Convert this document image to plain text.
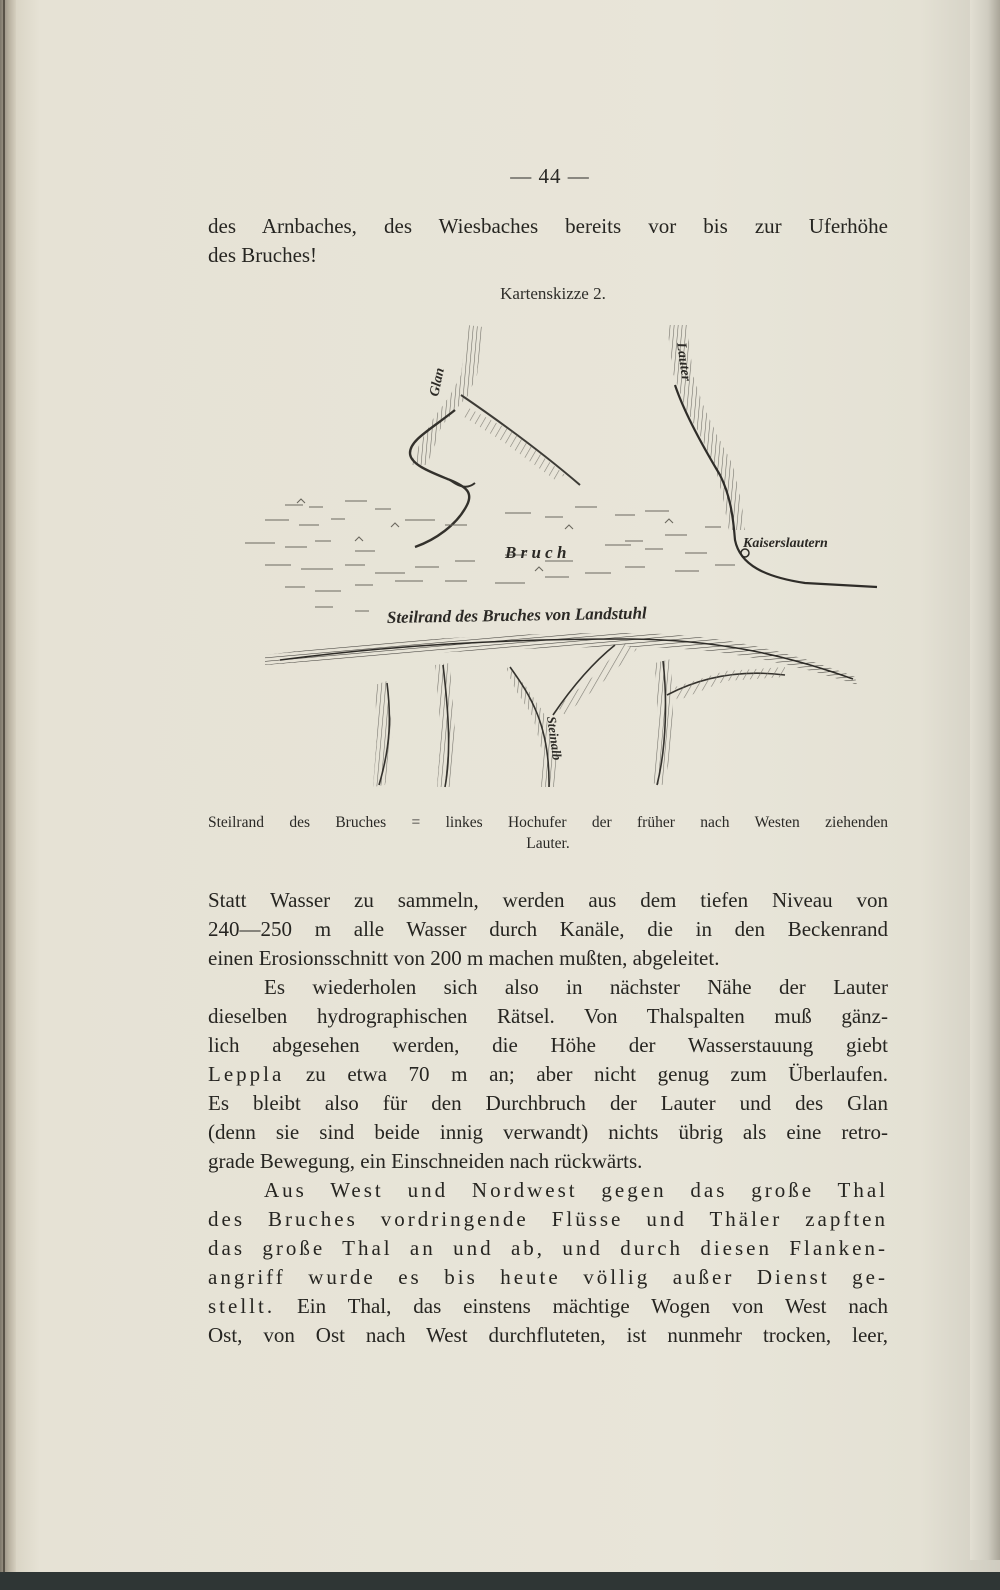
— 44 —

des Arnbaches, des Wiesbaches bereits vor bis zur Uferhöhe

des Bruches!

Kartenskizze 2.
Glan
Lauter
Kaiserslautern
B r u c h
Steilrand des Bruches von Landstuhl
Steinalb
Steilrand des Bruches = linkes Hochufer der früher nach Westen ziehenden
Lauter.

Statt Wasser zu sammeln, werden aus dem tiefen Niveau von

240—250 m alle Wasser durch Kanäle, die in den Beckenrand

einen Erosionsschnitt von 200 m machen mußten, abgeleitet.

Es wiederholen sich also in nächster Nähe der Lauter

dieselben hydrographischen Rätsel. Von Thalspalten muß gänz-

lich abgesehen werden, die Höhe der Wasserstauung giebt

Leppla zu etwa 70 m an; aber nicht genug zum Überlaufen.

Es bleibt also für den Durchbruch der Lauter und des Glan

(denn sie sind beide innig verwandt) nichts übrig als eine retro-

grade Bewegung, ein Einschneiden nach rückwärts.

Aus West und Nordwest gegen das große Thal

des Bruches vordringende Flüsse und Thäler zapften

das große Thal an und ab, und durch diesen Flanken-

angriff wurde es bis heute völlig außer Dienst ge-

stellt. Ein Thal, das einstens mächtige Wogen von West nach

Ost, von Ost nach West durchfluteten, ist nunmehr trocken, leer,
